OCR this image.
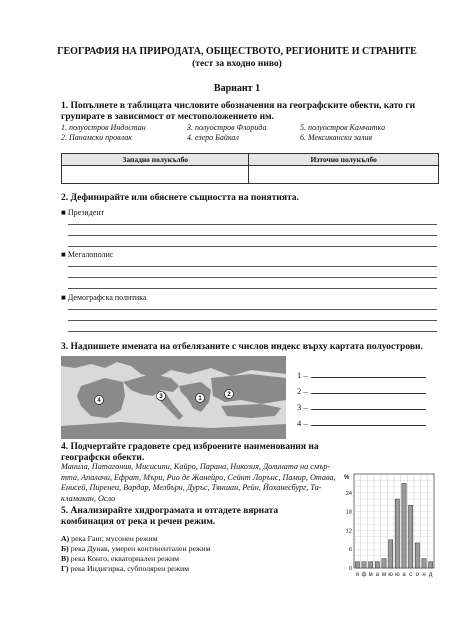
ГЕОГРАФИЯ НА ПРИРОДАТА, ОБЩЕСТВОТО, РЕГИОНИТЕ И СТРАНИТЕ
(тест за входно ниво)
Вариант 1
1. Попълнете в таблицата числовите обозначения на географските обекти, като ги
групирате в зависимост от местоположението им.
1. полуостров Индостан
2. Панамски провлак
3. полуостров Флорида
4. езеро Байкал
5. полуостров Камчатка
6. Мексикански залив
Западно полукълбо	Източно полукълбо

2. Дефинирайте или обяснете същността на понятията.
■ Президент
■ Мегалополис
■ Демографска политика
3. Надпишете имената на отбелязаните с числов индекс върху картата полуострови.
4
3	1
2
1 –
2 –
3 –
4 –
4. Подчертайте градовете сред изброените наименования на
географски обекти.
Манила, Патагония, Мисисипи, Кайро, Парана, Никозия, Долината на смър-
тта, Апалачи, Ефрат, Мъри, Рио де Жанейро, Сейнт Лорънс, Памир, Отава,
Енисей, Пиренеи, Вардар, Мелбърн, Дуръс, Тяншан, Рейн, Йоханесбург, Та-
кламакан, Осло
5. Анализирайте хидрограмата и отгадете вярната
комбинация от река и речен режим.
А) река Ганг, мусонен режим
Б) река Дунав, умерен континентален режим
В) река Конго, екваториален режим
Г) река Индигирка, субполярен режим	0
6
12
18
24
%
я ф м а м ю ю а с о н д
